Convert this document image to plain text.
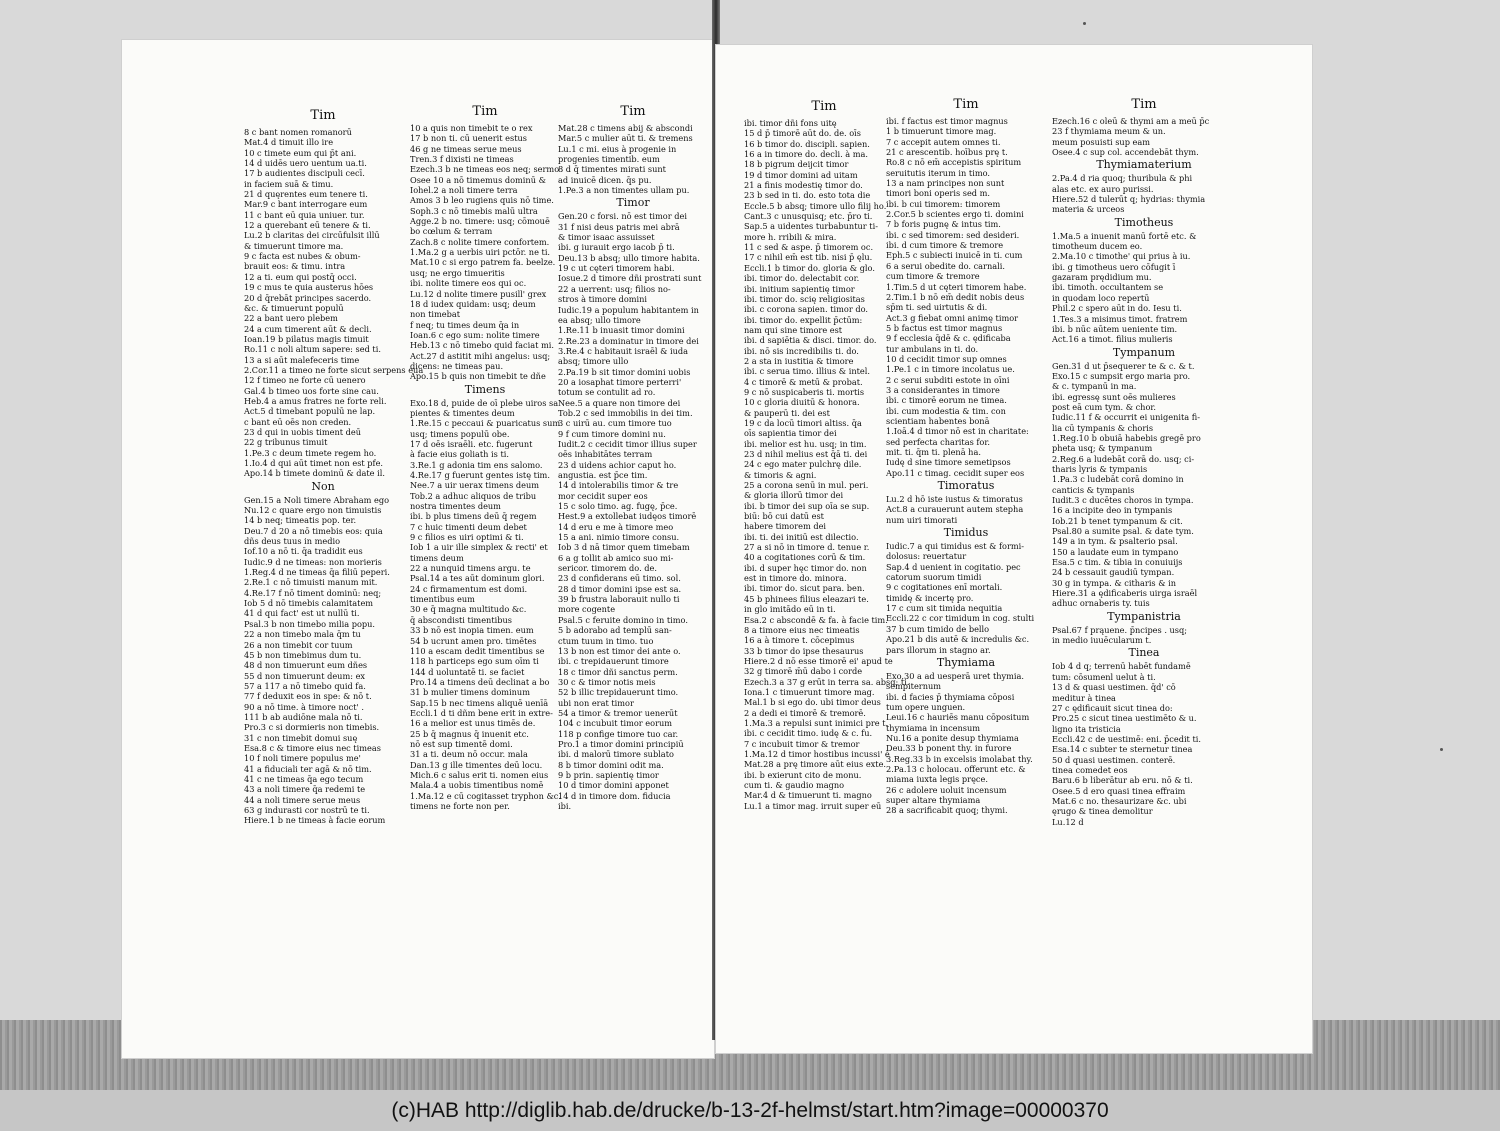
Tim
8 c bant nomen romanorū
Mat.4 d timuit illo ire
10 c timete eum qui p̄t ani.
14 d uidēs uero uentum ua.ti.
17 b audientes discipuli cecī.
in faciem suā & timu.
21 d quęrentes eum tenere ti.
Mar.9 c bant interrogare eum
11 c bant eū quia uniuer. tur.
12 a querebant eū tenere & ti.
Lu.2 b claritas dei circūfulsit illū
& timuerunt timore ma.
9 c facta est nubes & obum-
brauit eos: & timu. intra
12 a ti. eum qui postq̄ occi.
19 c mus te quia austerus hōes
20 d q̄rebāt principes sacerdo.
&c. & timuerunt populū
22 a bant uero plebem
24 a cum timerent aūt & decli.
Ioan.19 b pilatus magis timuit
Ro.11 c noli altum sapere: sed ti.
13 a si aūt malefeceris time
2.Cor.11 a timeo ne forte sicut serpens eua
12 f timeo ne forte cū uenero
Gal.4 b timeo uos forte sine cau.
Heb.4 a amus fratres ne forte reli.
Act.5 d timebant populū ne lap.
c bant eū oēs non creden.
23 d qui in uobis timent deū
22 g tribunus timuit
1.Pe.3 c deum timete regem ho.
1.Io.4 d qui aūt timet non est pfe.
Apo.14 b timete dominū & date il.
Non
Gen.15 a Noli timere Abraham ego
Nu.12 c quare ergo non timuistis
14 b neq; timeatis pop. ter.
Deu.7 d 20 a nō timebis eos: quia
dñs deus tuus in medio
Iof.10 a nō ti. q̄a tradidit eus
Iudic.9 d ne timeas: non morieris
1.Reg.4 d ne timeas q̄a filiū peperi.
2.Re.1 c nō timuisti manum mit.
4.Re.17 f nō timent dominū: neq;
Iob 5 d nō timebis calamitatem
41 d qui fact' est ut nullū ti.
Psal.3 b non timebo milia popu.
22 a non timebo mala q̄m tu
26 a non timebit cor tuum
45 b non timebimus dum tu.
48 d non timuerunt eum dñes
55 d non timuerunt deum: ex
57 a 117 a nō timebo quid fa.
77 f deduxit eos in spe: & nō t.
90 a nō time. à timore noct' .
111 b ab audiōne mala nō ti.
Pro.3 c si dormieris non timebis.
31 c non timebit domui suę
Esa.8 c & timore eius nec timeas
10 f noli timere populus me'
41 a fiduciali ter agā & nō tim.
41 c ne timeas q̄a ego tecum
43 a noli timere q̄a redemi te
44 a noli timere serue meus
63 g indurasti cor nostrū te ti.
Hiere.1 b ne timeas à facie eorum
Tim
10 a quis non timebit te o rex
17 b non ti. cū uenerit estus
46 g ne timeas serue meus
Tren.3 f dixisti ne timeas
Ezech.3 b ne timeas eos neq; sermo
Osee 10 a nō timemus dominū &
Iohel.2 a noli timere terra
Amos 3 b leo rugiens quis nō time.
Soph.3 c nō timebis malū ultra
Agge.2 b no. timere: usq; cōmouē
bo cœlum & terram
Zach.8 c nolite timere confortem.
1.Ma.2 g a uerbis uiri pctōr. ne ti.
Mat.10 c si ergo patrem fa. beelze.
usq; ne ergo timueritis
ibi. nolite timere eos qui oc.
Lu.12 d nolite timere pusill' grex
18 d iudex quidam: usq; deum
non timebat
f neq; tu times deum q̄a in
Ioan.6 c ego sum: nolite timere
Heb.13 c nō timebo quid faciat mi.
Act.27 d astitit mihi angelus: usq;
dicens: ne timeas pau.
Apo.15 b quis non timebit te dñe
Timens
Exo.18 d, puide de oī plebe uiros sa
pientes & timentes deum
1.Re.15 c peccaui & puaricatus sum
usq; timens populū obe.
17 d oēs israēli. etc. fugerunt
à facie eius goliath is ti.
3.Re.1 g adonia tim ens salomo.
4.Re.17 g fuerunt gentes istę tim.
Nee.7 a uir uerax timens deum
Tob.2 a adhuc aliquos de tribu
nostra timentes deum
ibi. b plus timens deū q̄ regem
7 c huic timenti deum debet
9 c filios es uiri optimi & ti.
Iob 1 a uir ille simplex & recti' et
timens deum
22 a nunquid timens argu. te
Psal.14 a tes aūt dominum glori.
24 c firmamentum est domi.
timentibus eum
30 e q̄ magna multitudo &c.
q̄ abscondisti timentibus
33 b nō est inopia timen. eum
54 b ucrunt amen pro. timētes
110 a escam dedit timentibus se
118 h particeps ego sum oīm ti
144 d uoluntatē ti. se faciet
Pro.14 a timens deū declinat a bo
31 b mulier timens dominum
Sap.15 b nec timens aliquē uenīā
Eccli.1 d ti dñm bene erit in extre-
16 a melior est unus timēs de.
25 b q̄ magnus q̄ inuenit etc.
nō est sup timentē domi.
31 a ti. deum nō occur. mala
Dan.13 g ille timentes deū locu.
Mich.6 c salus erit ti. nomen eius
Mala.4 a uobis timentibus nomē
1.Ma.12 e cū cogitasset tryphon &c.
timens ne forte non per.
Tim
Mat.28 c timens abij & abscondi
Mar.5 c mulier aūt ti. & tremens
Lu.1 c mi. eius à progenie in
progenies timentib. eum
8 d q̄ timentes mirati sunt
ad inuicē dicen. q̄s pu.
1.Pe.3 a non timentes ullam pu.
Timor
Gen.20 c forsi. nō est timor dei
31 f nisi deus patris mei abrā
& timor isaac assuisset
ibi. g iurauit ergo iacob p̄ ti.
Deu.13 b absq; ullo timore habita.
19 c ut cęteri timorem habi.
Iosue.2 d timore dñi prostrati sunt
22 a uerrent: usq; filios no-
stros à timore domini
Iudic.19 a populum habitantem in
ea absq; ullo timore
1.Re.11 b inuasit timor domini
2.Re.23 a dominatur in timore dei
3.Re.4 c habitauit israēl & iuda
absq; timore ullo
2.Pa.19 b sit timor domini uobis
20 a iosaphat timore perterri'
totum se contulit ad ro.
Nee.5 a quare non timore dei
Tob.2 c sed immobilis in dei tim.
3 c uirū au. cum timore tuo
9 f cum timore domini nu.
Iudit.2 c cecidit timor illius super
oēs inhabitātes terram
23 d uidens achior caput ho.
angustia. est p̄ce tim.
14 d intolerabilis timor & tre
mor cecidit super eos
15 c solo timo. ag. fugę, p̄ce.
Hest.9 a extollebat iudęos timorē
14 d eru e me à timore meo
15 a ani. nimio timore consu.
Iob 3 d nā timor quem timebam
6 a g tollit ab amico suo mi-
sericor. timorem do. de.
23 d confiderans eū timo. sol.
28 d timor domini ipse est sa.
39 b frustra laborauit nullo ti
more cogente
Psal.5 c feruite domino in timo.
5 b adorabo ad templū san-
ctum tuum in timo. tuo
13 b non est timor dei ante o.
ibi. c trepidauerunt timore
18 c timor dñi sanctus perm.
30 c & timor notis meis
52 b illic trepidauerunt timo.
ubi non erat timor
54 a timor & tremor uenerūt
104 c incubuit timor eorum
118 p confige timore tuo car.
Pro.1 a timor domini principiū
ibi. d malorū timore sublato
8 b timor domini odit ma.
9 b prin. sapientię timor
10 d timor domini apponet
14 d in timore dom. fiducia
ibi.
Tim
ibi. timor dñi fons uitę
15 d p̄ timorē aūt do. de. oīs
16 b timor do. discipli. sapien.
16 a in timore do. decli. à ma.
18 b pigrum deijcit timor
19 d timor domini ad uitam
21 a finis modestię timor do.
23 b sed in ti. do. esto tota die
Eccle.5 b absq; timore ullo filij ho.
Cant.3 c unusquisq; etc. p̄ro ti.
Sap.5 a uidentes turbabuntur ti-
more h. rribili & mira.
11 c sed & aspe. p̄ timorem oc.
17 c nihil em̄ est tib. nisi p̄ ęlu.
Eccli.1 b timor do. gloria & glo.
ibi. timor do. delectabit cor.
ibi. initium sapientię timor
ibi. timor do. scię religiositas
ibi. c corona sapien. timor do.
ibi. timor do. expellit p̄ctūm:
nam qui sine timore est
ibi. d sapiētia & disci. timor. do.
ibi. nō sis incredibilis ti. do.
2 a sta in iustitia & timore
ibi. c serua timo. illius & intel.
4 c timorē & metū & probat.
9 c nō suspicaberis ti. mortis
10 c gloria diuitū & honora.
& pauperū ti. dei est
19 c da locū timori altiss. q̄a
oīs sapientia timor dei
ibi. melior est hu. usq; in tim.
23 d nihil melius est q̄ā ti. dei
24 c ego mater pulchrę dile.
& timoris & agni.
25 a corona senū in mul. peri.
& gloria illorū timor dei
ibi. b timor dei sup oīa se sup.
biū: bō cui datū est
habere timorem dei
ibi. ti. dei initiū est dilectio.
27 a si nō in timore d. tenue r.
40 a cogitationes corū & tim.
ibi. d super hęc timor do. non
est in timore do. minora.
ibi. timor do. sicut para. ben.
45 b phinees filius eleazari te.
in glo imitādo eū in ti.
Esa.2 c abscondē & fa. à facie tim.
8 a timore eius nec timeatis
16 a à timore t. cōcepimus
33 b timor do ipse thesaurus
Hiere.2 d nō esse timorē ei' apud te
32 g timorē m̄ū dabo i corde
Ezech.3 a 37 g erūt in terra sa. absq; ti.
Iona.1 c timuerunt timore mag.
Mal.1 b si ego do. ubi timor deus
2 a dedi ei timorē & tremorē.
1.Ma.3 a repulsi sunt inimici pre t.
ibi. c cecidit timo. iudę & c. fu.
7 c incubuit timor & tremor
1.Ma.12 d timor hostibus incussi' ē
Mat.28 a prę timore aūt eius exte.
ibi. b exierunt cito de monu.
cum ti. & gaudio magno
Mar.4 d & timuerunt ti. magno
Lu.1 a timor mag. irruit super eū
Tim
ibi. f factus est timor magnus
1 b timuerunt timore mag.
7 c accepit autem omnes ti.
21 c arescentib. hoībus prę t.
Ro.8 c nō em̄ accepistis spiritum
seruitutis iterum in timo.
13 a nam principes non sunt
timori boni operis sed m.
ibi. b cui timorem: timorem
2.Cor.5 b scientes ergo ti. domini
7 b foris pugnę & intus tim.
ibi. c sed timorem: sed desideri.
ibi. d cum timore & tremore
Eph.5 c subiecti inuicē in ti. cum
6 a serui obedite do. carnali.
cum timore & tremore
1.Tim.5 d ut cęteri timorem habe.
2.Tim.1 b nō em̄ dedit nobis deus
sp̄m ti. sed uirtutis & di.
Act.3 g fiebat omni animę timor
5 b factus est timor magnus
9 f ecclesia q̄dē & c. ędificaba
tur ambulans in ti. do.
10 d cecidit timor sup omnes
1.Pe.1 c in timore incolatus ue.
2 c serui subditi estote in oīni
3 a considerantes in timore
ibi. c timorē eorum ne timea.
ibi. cum modestia & tim. con
scientiam habentes bonā
1.Ioā.4 d timor nō est in charitate:
sed perfecta charitas for.
mit. ti. q̄m ti. plenā ha.
Iudę d sine timore semetipsos
Apo.11 c timag. cecidit super eos
Timoratus
Lu.2 d hō iste iustus & timoratus
Act.8 a curauerunt autem stepha
num uiri timorati
Timidus
Iudic.7 a qui timidus est & formi-
dolosus: reuertatur
Sap.4 d uenient in cogitatio. pec
catorum suorum timidi
9 c cogitationes enī mortali.
timidę & incertę pro.
17 c cum sit timida nequitia
Eccli.22 c cor timidum in cog. stulti
37 b cum timido de bello
Apo.21 b dis autē & incredulis &c.
pars illorum in stagno ar.
Thymiama
Exo.30 a ad uesperā uret thymia.
sempiternum
ibi. d facies p̄ thymiama cōposi
tum opere unguen.
Leui.16 c hauriēs manu cōpositum
thymiama in incensum
Nu.16 a ponite desup thymiama
Deu.33 b ponent thy. in furore
3.Reg.33 b in excelsis imolabat thy.
2.Pa.13 c holocau. offerunt etc. &
miama iuxta legis pręce.
26 c adolere uoluit incensum
super altare thymiama
28 a sacrificabit quoq; thymi.
Tim
Ezech.16 c oleū & thymi am a meū p̄c
23 f thymiama meum & un.
meum posuisti sup eam
Osee.4 c sup col. accendebāt thym.
Thymiamaterium
2.Pa.4 d ria quoq; thuribula & phi
alas etc. ex auro purissi.
Hiere.52 d tulerūt q; hydrias: thymia
materia & urceos
Timotheus
1.Ma.5 a inuenit manū fortē etc. &
timotheum ducem eo.
2.Ma.10 c timothe' qui prius à iu.
ibi. g timotheus uero cōfugit ī
gazaram prędidium mu.
ibi. timoth. occultantem se
in quodam loco repertū
Phil.2 c spero aūt in do. Iesu ti.
1.Tes.3 a misimus timot. fratrem
ibi. b nūc aūtem ueniente tim.
Act.16 a timot. filius mulieris
Tympanum
Gen.31 d ut p̄sequerer te & c. & t.
Exo.15 c sumpsit ergo maria pro.
& c. tympanū in ma.
ibi. egressę sunt oēs mulieres
post eā cum tym. & chor.
Iudic.11 f & occurrit ei unigenita fi-
lia cū tympanis & choris
1.Reg.10 b obuiā habebis gregē pro
pheta usq; & tympanum
2.Reg.6 a ludebāt corā do. usq; ci-
tharis lyris & tympanis
1.Pa.3 c ludebāt corā domino in
canticis & tympanis
Iudit.3 c ducētes choros in tympa.
16 a incipite deo in tympanis
Iob.21 b tenet tympanum & cit.
Psal.80 a sumite psal. & date tym.
149 a in tym. & psalterio psal.
150 a laudate eum in tympano
Esa.5 c tim. & tibia in conuiuijs
24 b cessauit gaudiū tympan.
30 g in tympa. & citharis & in
Hiere.31 a ędificaberis uirga israēl
adhuc ornaberis ty. tuis
Tympanistria
Psal.67 f prąuene. p̄ncipes . usq;
in medio iuuēcularum t.
Tinea
Iob 4 d q; terrenū habēt fundamē
tum: cōsumenl uelut à ti.
13 d & quasi uestimen. q̄d' cō
meditur à tinea
27 c ędificauit sicut tinea do:
Pro.25 c sicut tinea uestimēto & u.
ligno ita tristicia
Eccli.42 c de uestimē: eni. p̄cedit ti.
Esa.14 c subter te sternetur tinea
50 d quasi uestimen. conterē.
tinea comedet eos
Baru.6 b liberātur ab eru. nō & ti.
Osee.5 d ero quasi tinea effraim
Mat.6 c no. thesaurizare &c. ubi
ęrugo & tinea demolitur
Lu.12 d
(c)HAB http://diglib.hab.de/drucke/b-13-2f-helmst/start.htm?image=00000370
